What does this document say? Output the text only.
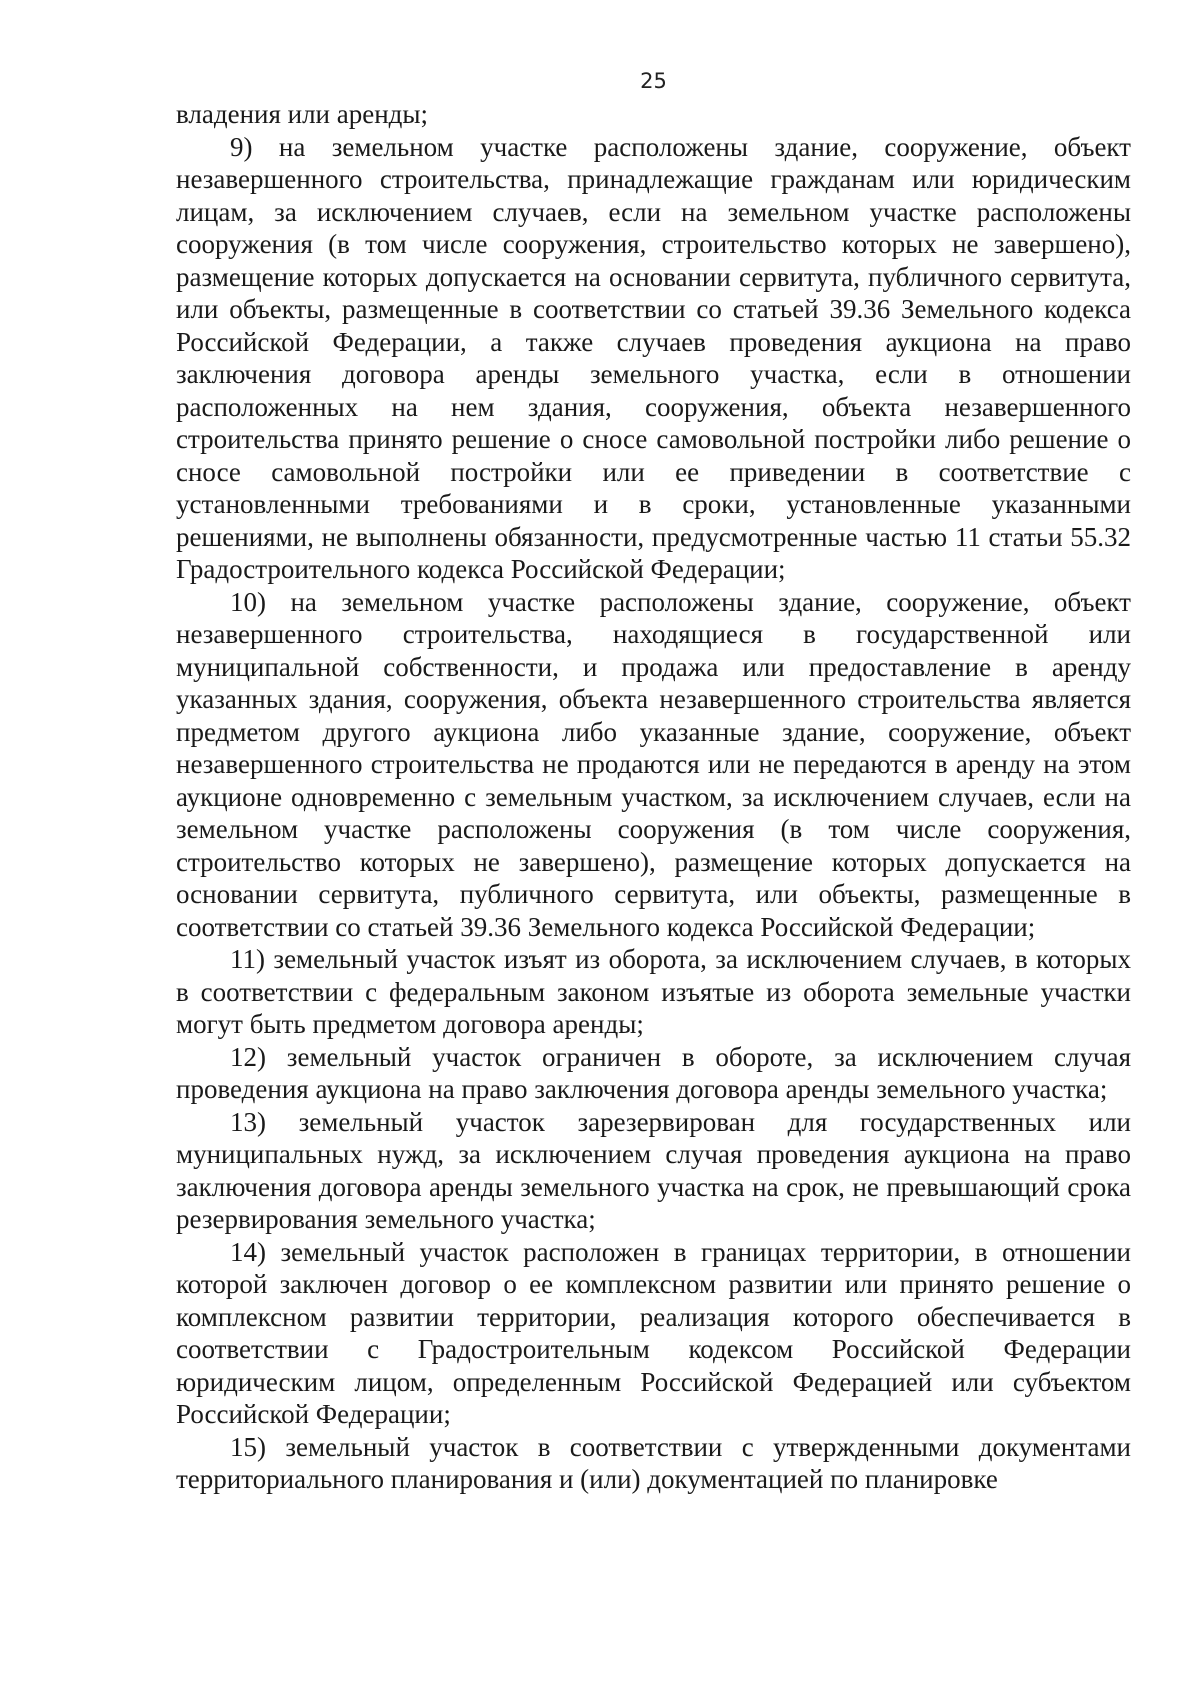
25

владения или аренды;

9) на земельном участке расположены здание, сооружение, объект незавершенного строительства, принадлежащие гражданам или юридическим лицам, за исключением случаев, если на земельном участке расположены сооружения (в том числе сооружения, строительство которых не завершено), размещение которых допускается на основании сервитута, публичного сервитута, или объекты, размещенные в соответствии со статьей 39.36 Земельного кодекса Российской Федерации, а также случаев проведения аукциона на право заключения договора аренды земельного участка, если в отношении расположенных на нем здания, сооружения, объекта незавершенного строительства принято решение о сносе самовольной постройки либо решение о сносе самовольной постройки или ее приведении в соответствие с установленными требованиями и в сроки, установленные указанными решениями, не выполнены обязанности, предусмотренные частью 11 статьи 55.32 Градостроительного кодекса Российской Федерации;

10) на земельном участке расположены здание, сооружение, объект незавершенного строительства, находящиеся в государственной или муниципальной собственности, и продажа или предоставление в аренду указанных здания, сооружения, объекта незавершенного строительства является предметом другого аукциона либо указанные здание, сооружение, объект незавершенного строительства не продаются или не передаются в аренду на этом аукционе одновременно с земельным участком, за исключением случаев, если на земельном участке расположены сооружения (в том числе сооружения, строительство которых не завершено), размещение которых допускается на основании сервитута, публичного сервитута, или объекты, размещенные в соответствии со статьей 39.36 Земельного кодекса Российской Федерации;

11) земельный участок изъят из оборота, за исключением случаев, в которых в соответствии с федеральным законом изъятые из оборота земельные участки могут быть предметом договора аренды;

12) земельный участок ограничен в обороте, за исключением случая проведения аукциона на право заключения договора аренды земельного участка;

13) земельный участок зарезервирован для государственных или муниципальных нужд, за исключением случая проведения аукциона на право заключения договора аренды земельного участка на срок, не превышающий срока резервирования земельного участка;

14) земельный участок расположен в границах территории, в отношении которой заключен договор о ее комплексном развитии или принято решение о комплексном развитии территории, реализация которого обеспечивается в соответствии с Градостроительным кодексом Российской Федерации юридическим лицом, определенным Российской Федерацией или субъектом Российской Федерации;

15) земельный участок в соответствии с утвержденными документами территориального планирования и (или) документацией по планировке
